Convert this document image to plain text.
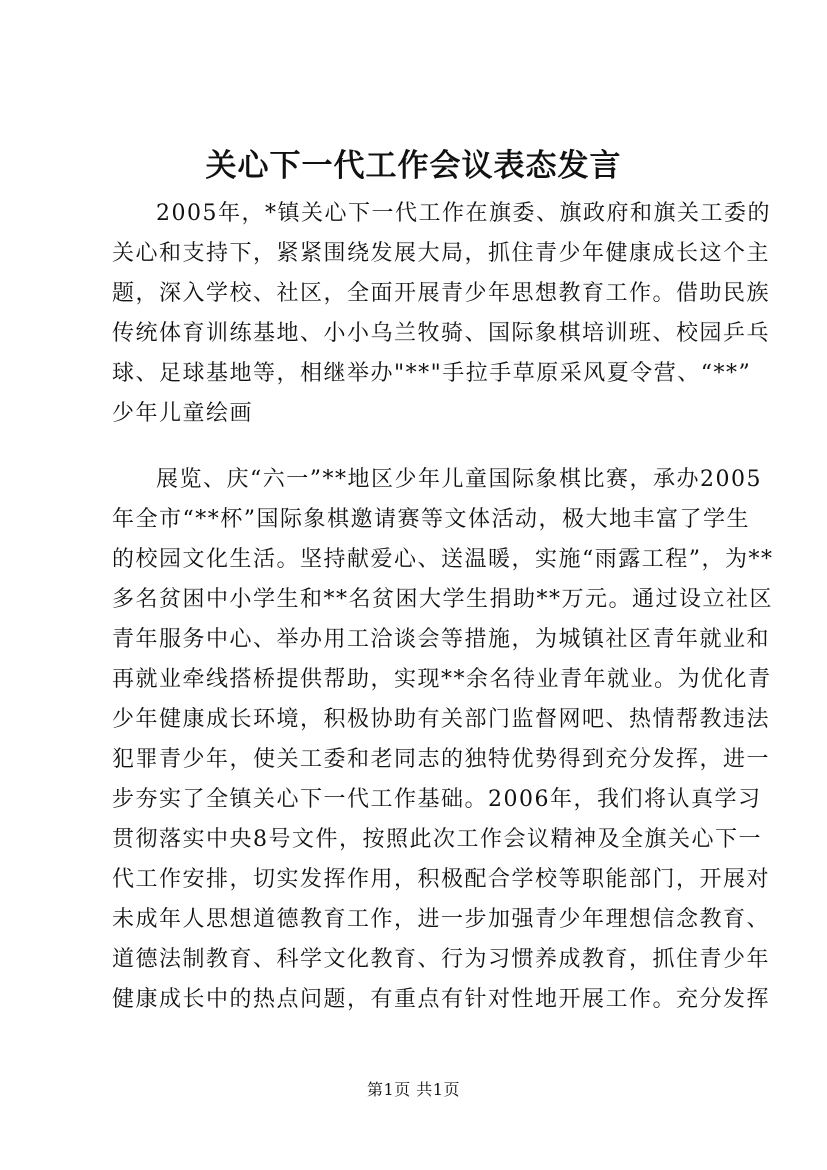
关心下一代工作会议表态发言
2005年，*镇关心下一代工作在旗委、旗政府和旗关工委的
关心和支持下，紧紧围绕发展大局，抓住青少年健康成长这个主
题，深入学校、社区，全面开展青少年思想教育工作。借助民族
传统体育训练基地、小小乌兰牧骑、国际象棋培训班、校园乒乓
球、足球基地等，相继举办"**"手拉手草原采风夏令营、“**”
少年儿童绘画
展览、庆“六一”**地区少年儿童国际象棋比赛，承办2005
年全市“**杯”国际象棋邀请赛等文体活动，极大地丰富了学生
的校园文化生活。坚持献爱心、送温暖，实施“雨露工程”，为**
多名贫困中小学生和**名贫困大学生捐助**万元。通过设立社区
青年服务中心、举办用工洽谈会等措施，为城镇社区青年就业和
再就业牵线搭桥提供帮助，实现**余名待业青年就业。为优化青
少年健康成长环境，积极协助有关部门监督网吧、热情帮教违法
犯罪青少年，使关工委和老同志的独特优势得到充分发挥，进一
步夯实了全镇关心下一代工作基础。2006年，我们将认真学习
贯彻落实中央8号文件，按照此次工作会议精神及全旗关心下一
代工作安排，切实发挥作用，积极配合学校等职能部门，开展对
未成年人思想道德教育工作，进一步加强青少年理想信念教育、
道德法制教育、科学文化教育、行为习惯养成教育，抓住青少年
健康成长中的热点问题，有重点有针对性地开展工作。充分发挥
第1页 共1页
